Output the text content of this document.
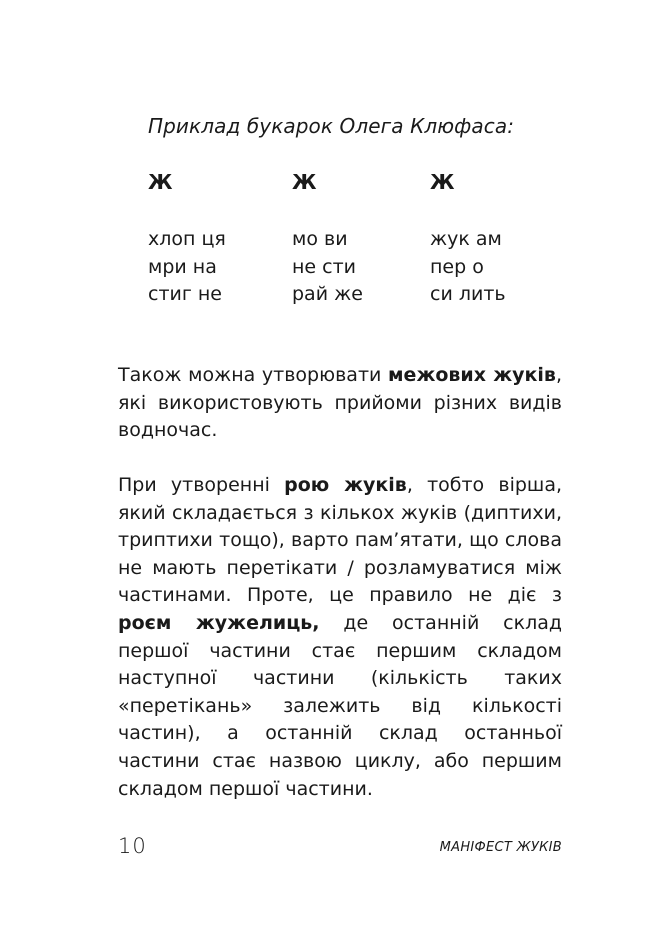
Приклад букарок Олега Клюфаса:
Ж
хлоп ця
мри на
стиг не
Ж
мо ви
не сти
рай же
Ж
жук ам
пер о
си лить

Також можна утворювати межових жуків, які використовують прийоми різних видів водночас.

При утворенні рою жуків, тобто вірша, який складається з кількох жуків (диптихи, триптихи тощо), варто пам’ятати, що слова не мають перетікати / розламуватися між частинами. Проте, це правило не діє з роєм жужелиць, де останній склад першої частини стає першим складом наступної частини (кількість таких «перетікань» залежить від кількості частин), а останній склад останньої частини стає назвою циклу, або першим складом першої частини.

10	МАНІФЕСТ ЖУКІВ
